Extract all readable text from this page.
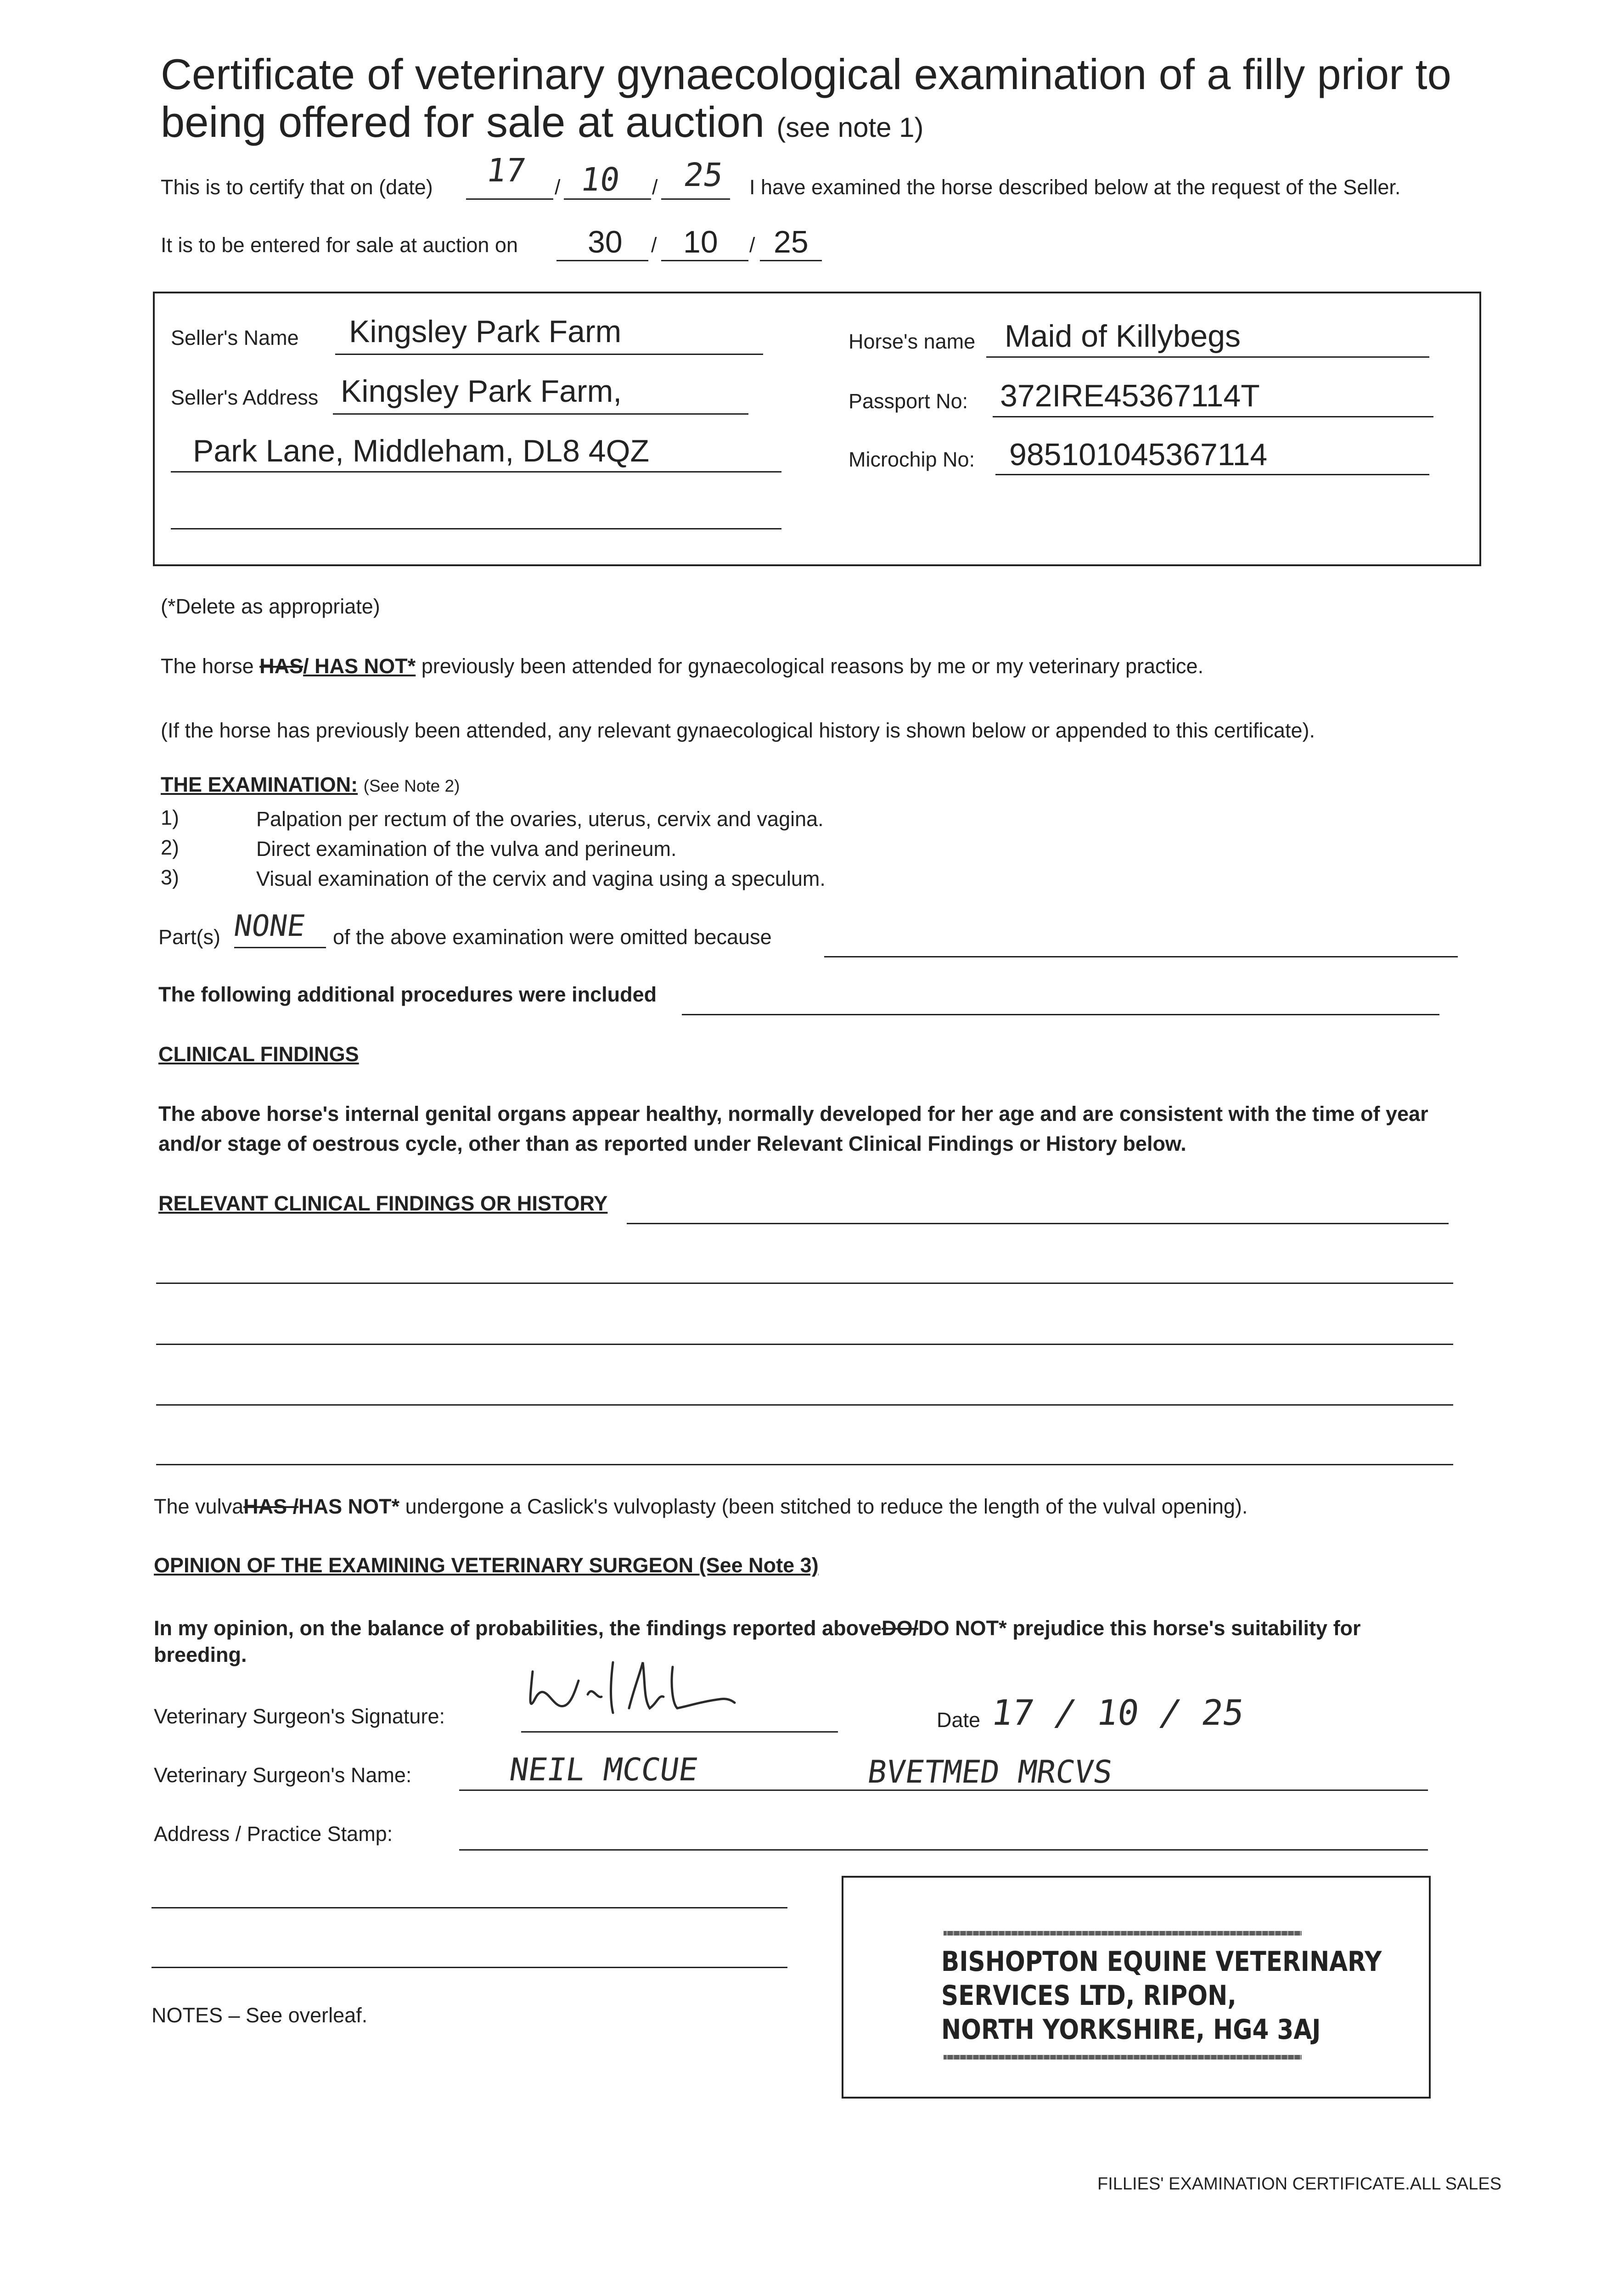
Certificate of veterinary gynaecological examination of a filly prior to being offered for sale at auction (see note 1)
This is to certify that on (date) 17 / 10 / 25 I have examined the horse described below at the request of the Seller.
It is to be entered for sale at auction on 30 / 10 / 25
Seller's Name Kingsley Park Farm
Seller's Address Kingsley Park Farm,
Park Lane, Middleham, DL8 4QZ
Horse's name Maid of Killybegs
Passport No: 372IRE45367114T
Microchip No: 985101045367114
(*Delete as appropriate)
The horse HAS/ HAS NOT* previously been attended for gynaecological reasons by me or my veterinary practice.
(If the horse has previously been attended, any relevant gynaecological history is shown below or appended to this certificate).
THE EXAMINATION: (See Note 2)
1)	Palpation per rectum of the ovaries, uterus, cervix and vagina.
2)	Direct examination of the vulva and perineum.
3)	Visual examination of the cervix and vagina using a speculum.
Part(s) NONE of the above examination were omitted because
The following additional procedures were included
CLINICAL FINDINGS
The above horse's internal genital organs appear healthy, normally developed for her age and are consistent with the time of year
and/or stage of oestrous cycle, other than as reported under Relevant Clinical Findings or History below.
RELEVANT CLINICAL FINDINGS OR HISTORY
The vulvaHAS /HAS NOT* undergone a Caslick's vulvoplasty (been stitched to reduce the length of the vulval opening).
OPINION OF THE EXAMINING VETERINARY SURGEON (See Note 3)
In my opinion, on the balance of probabilities, the findings reported aboveDO/DO NOT* prejudice this horse's suitability for
breeding.
Veterinary Surgeon's Signature:	Date 17 / 10 / 25
Veterinary Surgeon's Name:	NEIL MCCUE	BVETMED MRCVS
Address / Practice Stamp:
BISHOPTON EQUINE VETERINARY
SERVICES LTD, RIPON,
NORTH YORKSHIRE, HG4 3AJ
NOTES – See overleaf.
FILLIES' EXAMINATION CERTIFICATE.ALL SALES
